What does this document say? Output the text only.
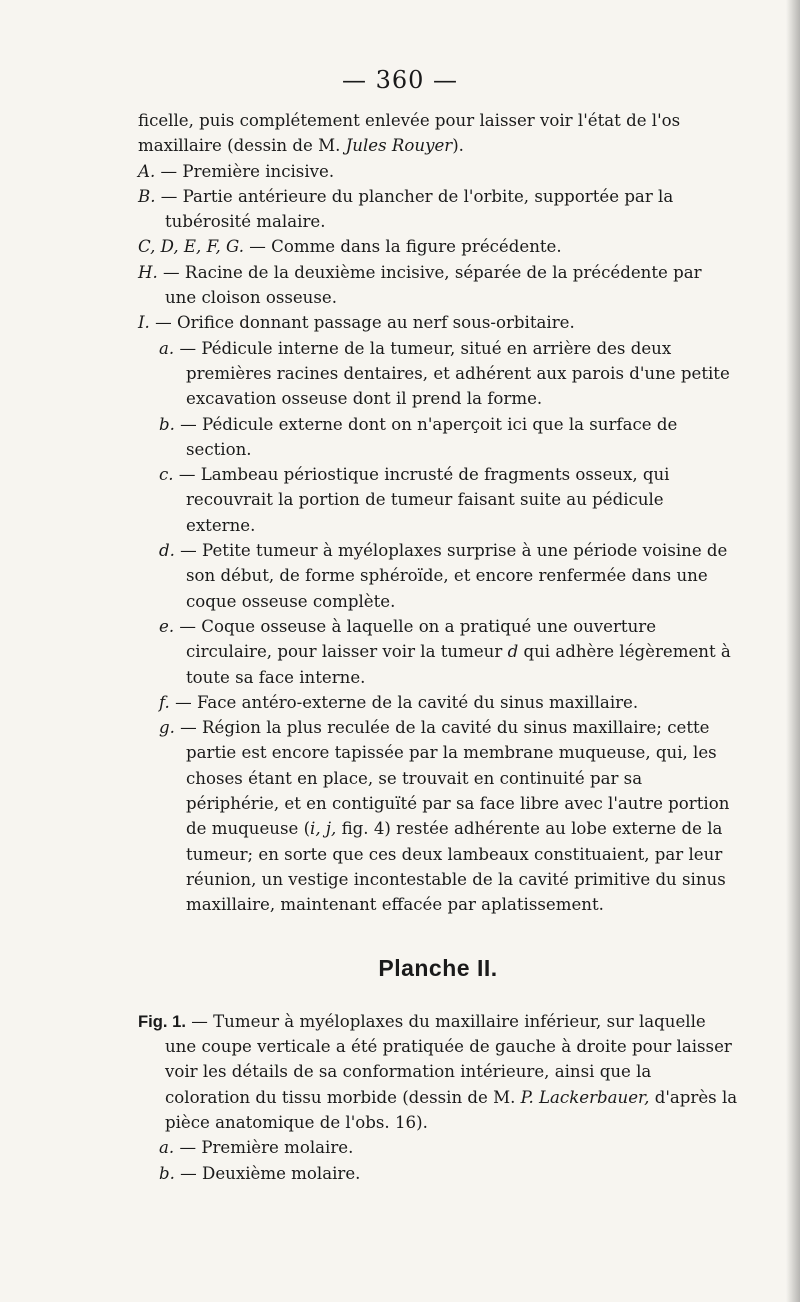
— 360 —

ficelle, puis complétement enlevée pour laisser voir l'état de l'os maxillaire (dessin de M. Jules Rouyer).

A. — Première incisive.

B. — Partie antérieure du plancher de l'orbite, supportée par la tubérosité malaire.

C, D, E, F, G. — Comme dans la figure précédente.

H. — Racine de la deuxième incisive, séparée de la précédente par une cloison osseuse.

I. — Orifice donnant passage au nerf sous-orbitaire.

a. — Pédicule interne de la tumeur, situé en arrière des deux premières racines dentaires, et adhérent aux parois d'une petite excavation osseuse dont il prend la forme.

b. — Pédicule externe dont on n'aperçoit ici que la surface de section.

c. — Lambeau périostique incrusté de fragments osseux, qui recouvrait la portion de tumeur faisant suite au pédicule externe.

d. — Petite tumeur à myéloplaxes surprise à une période voisine de son début, de forme sphéroïde, et encore renfermée dans une coque osseuse complète.

e. — Coque osseuse à laquelle on a pratiqué une ouverture circulaire, pour laisser voir la tumeur d qui adhère légèrement à toute sa face interne.

f. — Face antéro-externe de la cavité du sinus maxillaire.

g. — Région la plus reculée de la cavité du sinus maxillaire; cette partie est encore tapissée par la membrane muqueuse, qui, les choses étant en place, se trouvait en continuité par sa périphérie, et en contiguïté par sa face libre avec l'autre portion de muqueuse (i, j, fig. 4) restée adhérente au lobe externe de la tumeur; en sorte que ces deux lambeaux constituaient, par leur réunion, un vestige incontestable de la cavité primitive du sinus maxillaire, maintenant effacée par aplatissement.

Planche II.

Fig. 1. — Tumeur à myéloplaxes du maxillaire inférieur, sur laquelle une coupe verticale a été pratiquée de gauche à droite pour laisser voir les détails de sa conformation intérieure, ainsi que la coloration du tissu morbide (dessin de M. P. Lackerbauer, d'après la pièce anatomique de l'obs. 16).

a. — Première molaire.

b. — Deuxième molaire.
